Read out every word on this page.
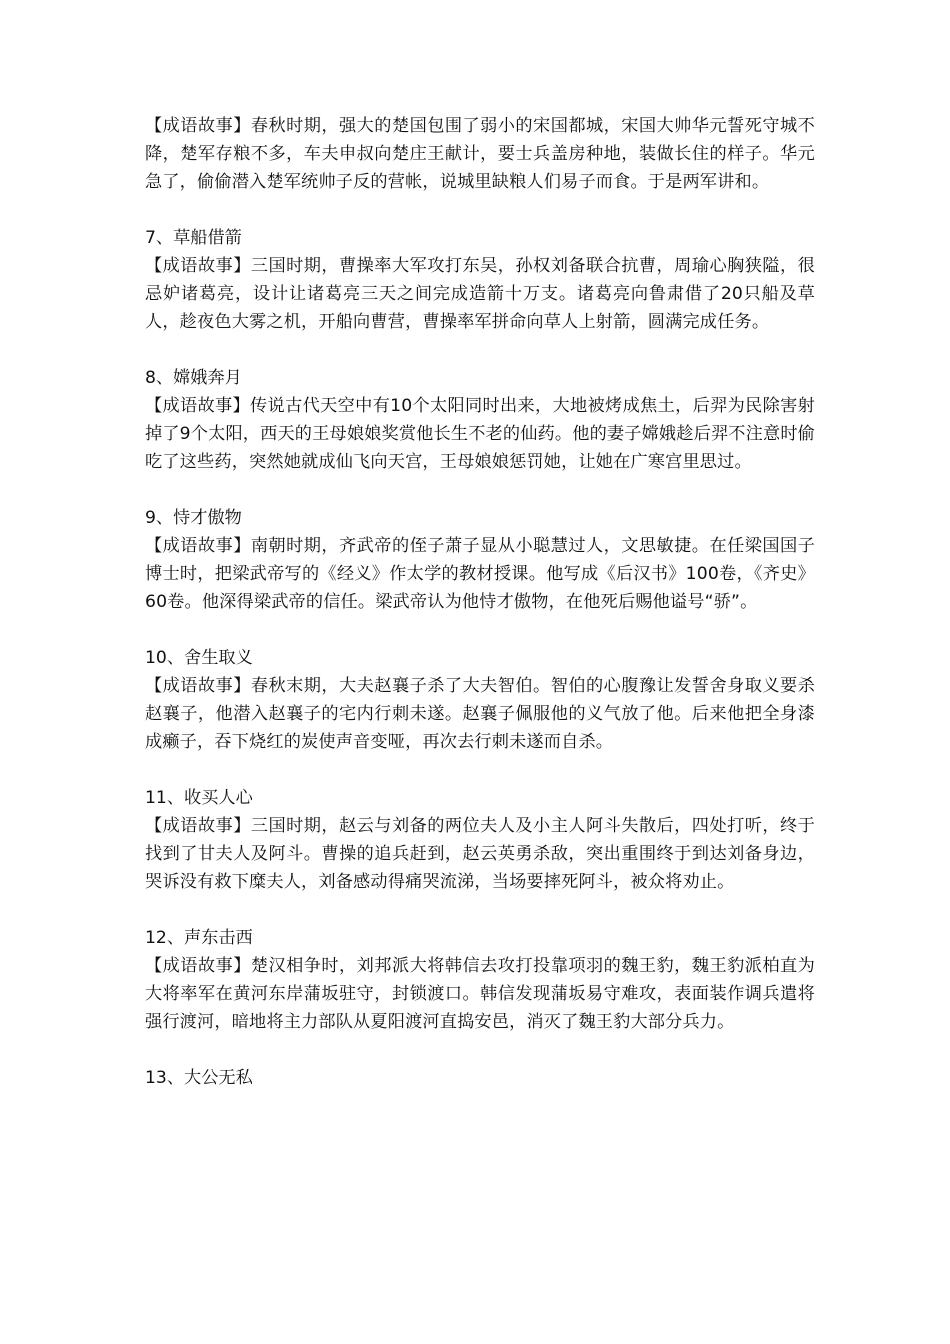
【成语故事】春秋时期，强大的楚国包围了弱小的宋国都城，宋国大帅华元誓死守城不降，楚军存粮不多，车夫申叔向楚庄王献计，要士兵盖房种地，装做长住的样子。华元急了，偷偷潜入楚军统帅子反的营帐，说城里缺粮人们易子而食。于是两军讲和。

7、草船借箭

【成语故事】三国时期，曹操率大军攻打东吴，孙权刘备联合抗曹，周瑜心胸狭隘，很忌妒诸葛亮，设计让诸葛亮三天之间完成造箭十万支。诸葛亮向鲁肃借了20只船及草人，趁夜色大雾之机，开船向曹营，曹操率军拼命向草人上射箭，圆满完成任务。

8、嫦娥奔月

【成语故事】传说古代天空中有10个太阳同时出来，大地被烤成焦土，后羿为民除害射掉了9个太阳，西天的王母娘娘奖赏他长生不老的仙药。他的妻子嫦娥趁后羿不注意时偷吃了这些药，突然她就成仙飞向天宫，王母娘娘惩罚她，让她在广寒宫里思过。

9、恃才傲物

【成语故事】南朝时期，齐武帝的侄子萧子显从小聪慧过人，文思敏捷。在任梁国国子博士时，把梁武帝写的《经义》作太学的教材授课。他写成《后汉书》100卷，《齐史》60卷。他深得梁武帝的信任。梁武帝认为他恃才傲物，在他死后赐他谥号“骄”。

10、舍生取义

【成语故事】春秋末期，大夫赵襄子杀了大夫智伯。智伯的心腹豫让发誓舍身取义要杀赵襄子，他潜入赵襄子的宅内行刺未遂。赵襄子佩服他的义气放了他。后来他把全身漆成癞子，吞下烧红的炭使声音变哑，再次去行刺未遂而自杀。

11、收买人心

【成语故事】三国时期，赵云与刘备的两位夫人及小主人阿斗失散后，四处打听，终于找到了甘夫人及阿斗。曹操的追兵赶到，赵云英勇杀敌，突出重围终于到达刘备身边，哭诉没有救下糜夫人，刘备感动得痛哭流涕，当场要摔死阿斗，被众将劝止。

12、声东击西

【成语故事】楚汉相争时，刘邦派大将韩信去攻打投靠项羽的魏王豹，魏王豹派柏直为大将率军在黄河东岸蒲坂驻守，封锁渡口。韩信发现蒲坂易守难攻，表面装作调兵遣将强行渡河，暗地将主力部队从夏阳渡河直捣安邑，消灭了魏王豹大部分兵力。

13、大公无私
